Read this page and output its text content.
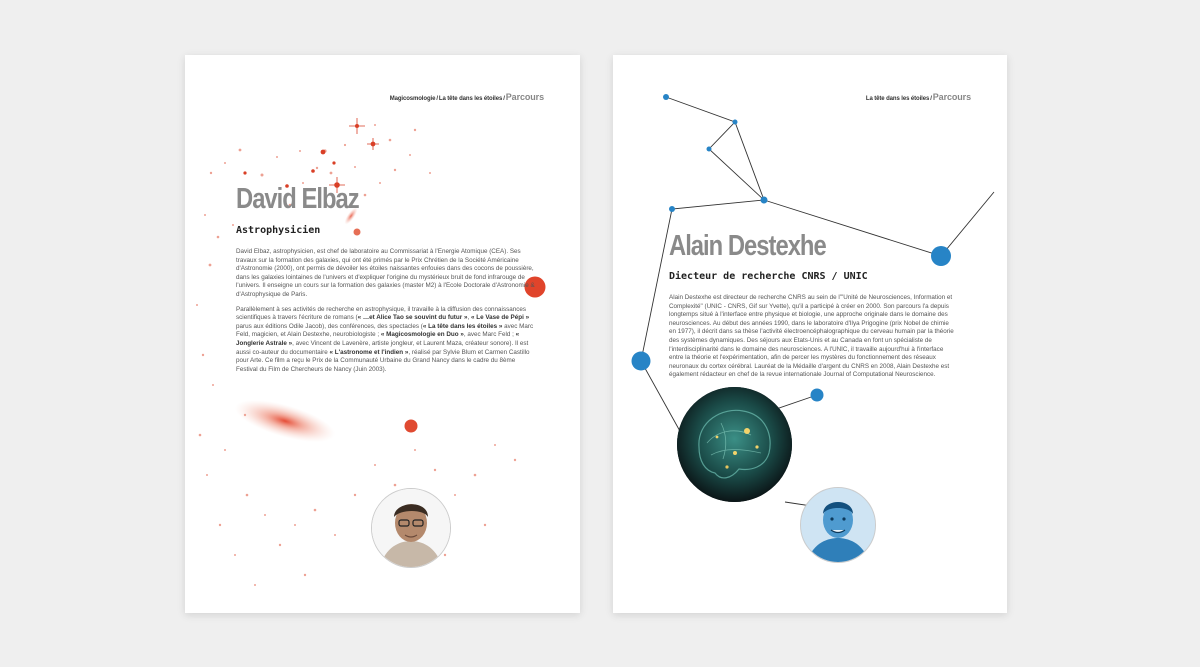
Magicosmologie/La tête dans les étoiles/Parcours
David Elbaz
Astrophysicien

David Elbaz, astrophysicien, est chef de laboratoire au Commissariat à l'Energie Atomique (CEA). Ses travaux sur la formation des galaxies, qui ont été primés par le Prix Chrétien de la Société Américaine d'Astronomie (2000), ont permis de dévoiler les étoiles naissantes enfouies dans des cocons de poussière, dans les galaxies lointaines de l'univers et d'expliquer l'origine du mystérieux bruit de fond infrarouge de l'univers. Il enseigne un cours sur la formation des galaxies (master M2) à l'Ecole Doctorale d'Astronomie & d'Astrophysique de Paris.

Parallèlement à ses activités de recherche en astrophysique, il travaille à la diffusion des connaissances scientifiques à travers l'écriture de romans (« …et Alice Tao se souvint du futur », « Le Vase de Pépi » parus aux éditions Odile Jacob), des conférences, des spectacles (« La tête dans les étoiles » avec Marc Feld, magicien, et Alain Destexhe, neurobiologiste ; « Magicosmologie en Duo », avec Marc Feld ; « Jonglerie Astrale », avec Vincent de Lavenère, artiste jongleur, et Laurent Maza, créateur sonore). Il est aussi co-auteur du documentaire « L'astronome et l'indien », réalisé par Sylvie Blum et Carmen Castillo pour Arte. Ce film a reçu le Prix de la Communauté Urbaine du Grand Nancy dans le cadre du 8ème Festival du Film de Chercheurs de Nancy (Juin 2003).

La tête dans les étoiles/Parcours
Alain Destexhe
Diecteur de recherche CNRS / UNIC

Alain Destexhe est directeur de recherche CNRS au sein de l'"Unité de Neurosciences, Information et Complexité" (UNIC - CNRS, Gif sur Yvette), qu'il a participé à créer en 2000. Son parcours l'a depuis longtemps situé à l'interface entre physique et biologie, une approche originale dans le domaine des neurosciences. Au début des années 1990, dans le laboratoire d'Ilya Prigogine (prix Nobel de chimie en 1977), il décrit dans sa thèse l'activité électroencéphalographique du cerveau humain par la théorie des systèmes dynamiques. Des séjours aux Etats-Unis et au Canada en font un spécialiste de l'interdisciplinarité dans le domaine des neurosciences. A l'UNIC, il travaille aujourd'hui à l'interface entre la théorie et l'expérimentation, afin de percer les mystères du fonctionnement des réseaux neuronaux du cortex cérébral. Lauréat de la Médaille d'argent du CNRS en 2008, Alain Destexhe est également rédacteur en chef de la revue internationale Journal of Computational Neuroscience.
